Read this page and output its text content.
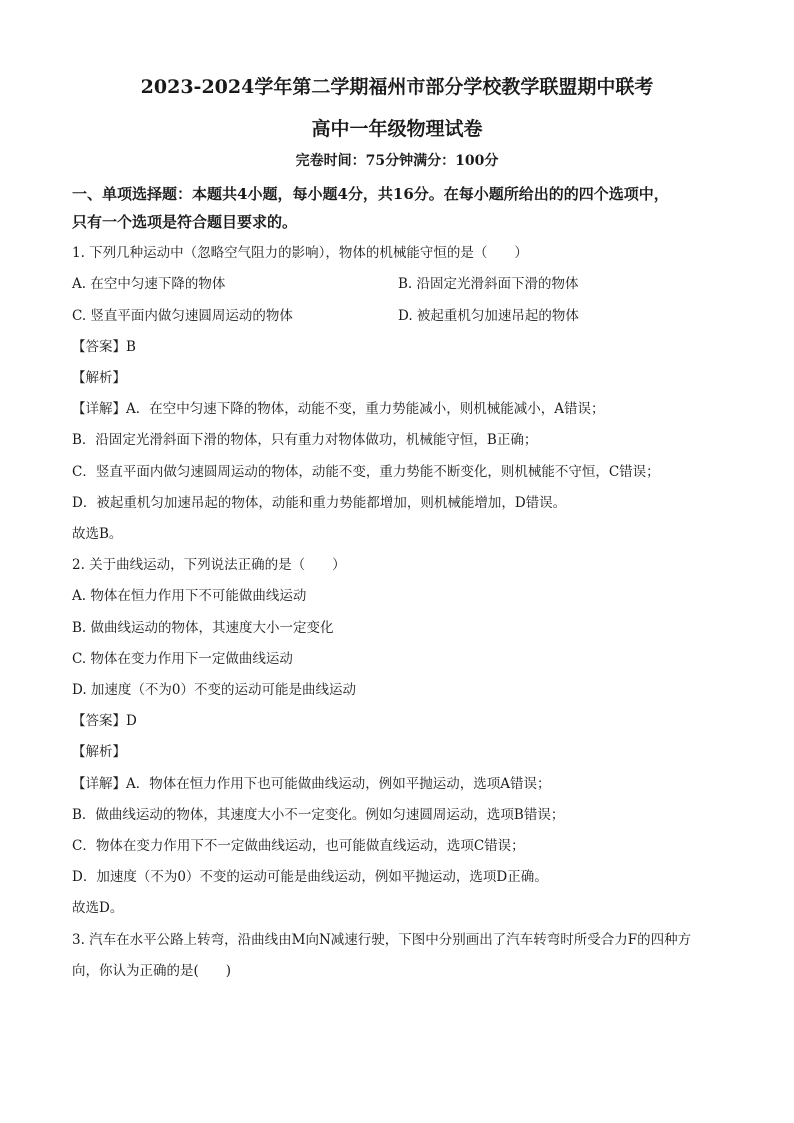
2023-2024学年第二学期福州市部分学校教学联盟期中联考
高中一年级物理试卷
完卷时间：75分钟满分：100分
一、单项选择题：本题共4小题，每小题4分，共16分。在每小题所给出的的四个选项中，
只有一个选项是符合题目要求的。
1. 下列几种运动中（忽略空气阻力的影响），物体的机械能守恒的是（　　）
A. 在空中匀速下降的物体	B. 沿固定光滑斜面下滑的物体
C. 竖直平面内做匀速圆周运动的物体	D. 被起重机匀加速吊起的物体
【答案】B
【解析】
【详解】A．在空中匀速下降的物体，动能不变，重力势能减小，则机械能减小，A错误；
B．沿固定光滑斜面下滑的物体，只有重力对物体做功，机械能守恒，B正确；
C．竖直平面内做匀速圆周运动的物体，动能不变，重力势能不断变化，则机械能不守恒，C错误；
D．被起重机匀加速吊起的物体，动能和重力势能都增加，则机械能增加，D错误。
故选B。
2. 关于曲线运动，下列说法正确的是（　　）
A. 物体在恒力作用下不可能做曲线运动
B. 做曲线运动的物体，其速度大小一定变化
C. 物体在变力作用下一定做曲线运动
D. 加速度（不为0）不变的运动可能是曲线运动
【答案】D
【解析】
【详解】A．物体在恒力作用下也可能做曲线运动，例如平抛运动，选项A错误；
B．做曲线运动的物体，其速度大小不一定变化。例如匀速圆周运动，选项B错误；
C．物体在变力作用下不一定做曲线运动，也可能做直线运动，选项C错误；
D．加速度（不为0）不变的运动可能是曲线运动，例如平抛运动，选项D正确。
故选D。
3. 汽车在水平公路上转弯，沿曲线由M向N减速行驶，下图中分别画出了汽车转弯时所受合力F的四种方
向，你认为正确的是(　　)
